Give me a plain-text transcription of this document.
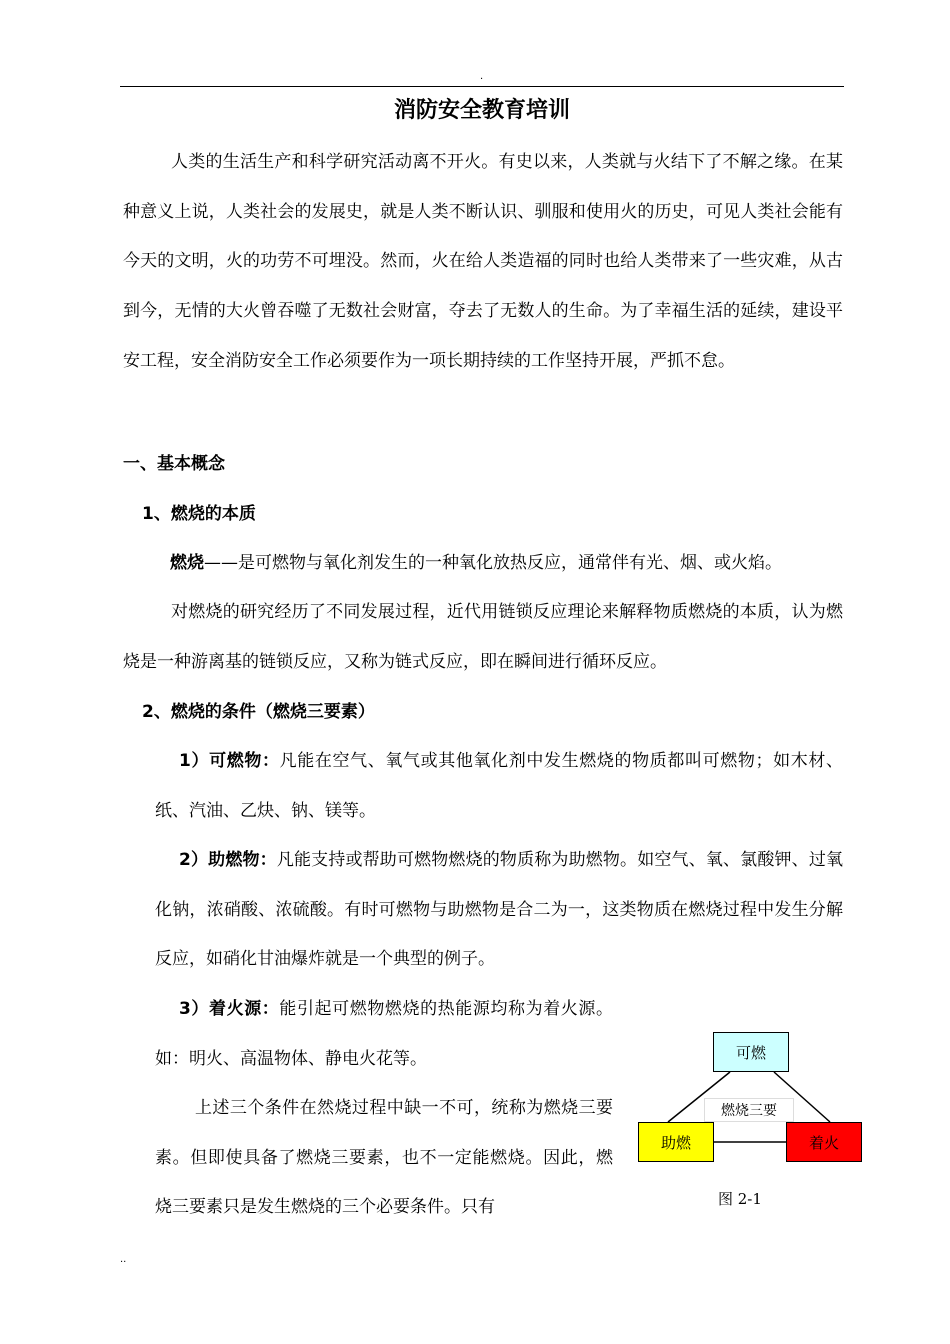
.
消防安全教育培训

人类的生活生产和科学研究活动离不开火。有史以来，人类就与火结下了不解之缘。在某种意义上说，人类社会的发展史，就是人类不断认识、驯服和使用火的历史，可见人类社会能有今天的文明，火的功劳不可埋没。然而，火在给人类造福的同时也给人类带来了一些灾难，从古到今，无情的大火曾吞噬了无数社会财富，夺去了无数人的生命。为了幸福生活的延续，建设平安工程，安全消防安全工作必须要作为一项长期持续的工作坚持开展，严抓不怠。

一、基本概念
1、燃烧的本质
燃烧——是可燃物与氧化剂发生的一种氧化放热反应，通常伴有光、烟、或火焰。

对燃烧的研究经历了不同发展过程，近代用链锁反应理论来解释物质燃烧的本质，认为燃烧是一种游离基的链锁反应，又称为链式反应，即在瞬间进行循环反应。

2、燃烧的条件（燃烧三要素）

1）可燃物：凡能在空气、氧气或其他氧化剂中发生燃烧的物质都叫可燃物；如木材、纸、汽油、乙炔、钠、镁等。

2）助燃物：凡能支持或帮助可燃物燃烧的物质称为助燃物。如空气、氧、氯酸钾、过氧化钠，浓硝酸、浓硫酸。有时可燃物与助燃物是合二为一，这类物质在燃烧过程中发生分解反应，如硝化甘油爆炸就是一个典型的例子。

3）着火源：能引起可燃物燃烧的热能源均称为着火源。如：明火、高温物体、静电火花等。

上述三个条件在然烧过程中缺一不可，统称为燃烧三要素。但即使具备了燃烧三要素，也不一定能燃烧。因此，燃烧三要素只是发生燃烧的三个必要条件。只有

燃烧三要
可燃
助燃	着火
图 2-1
..
